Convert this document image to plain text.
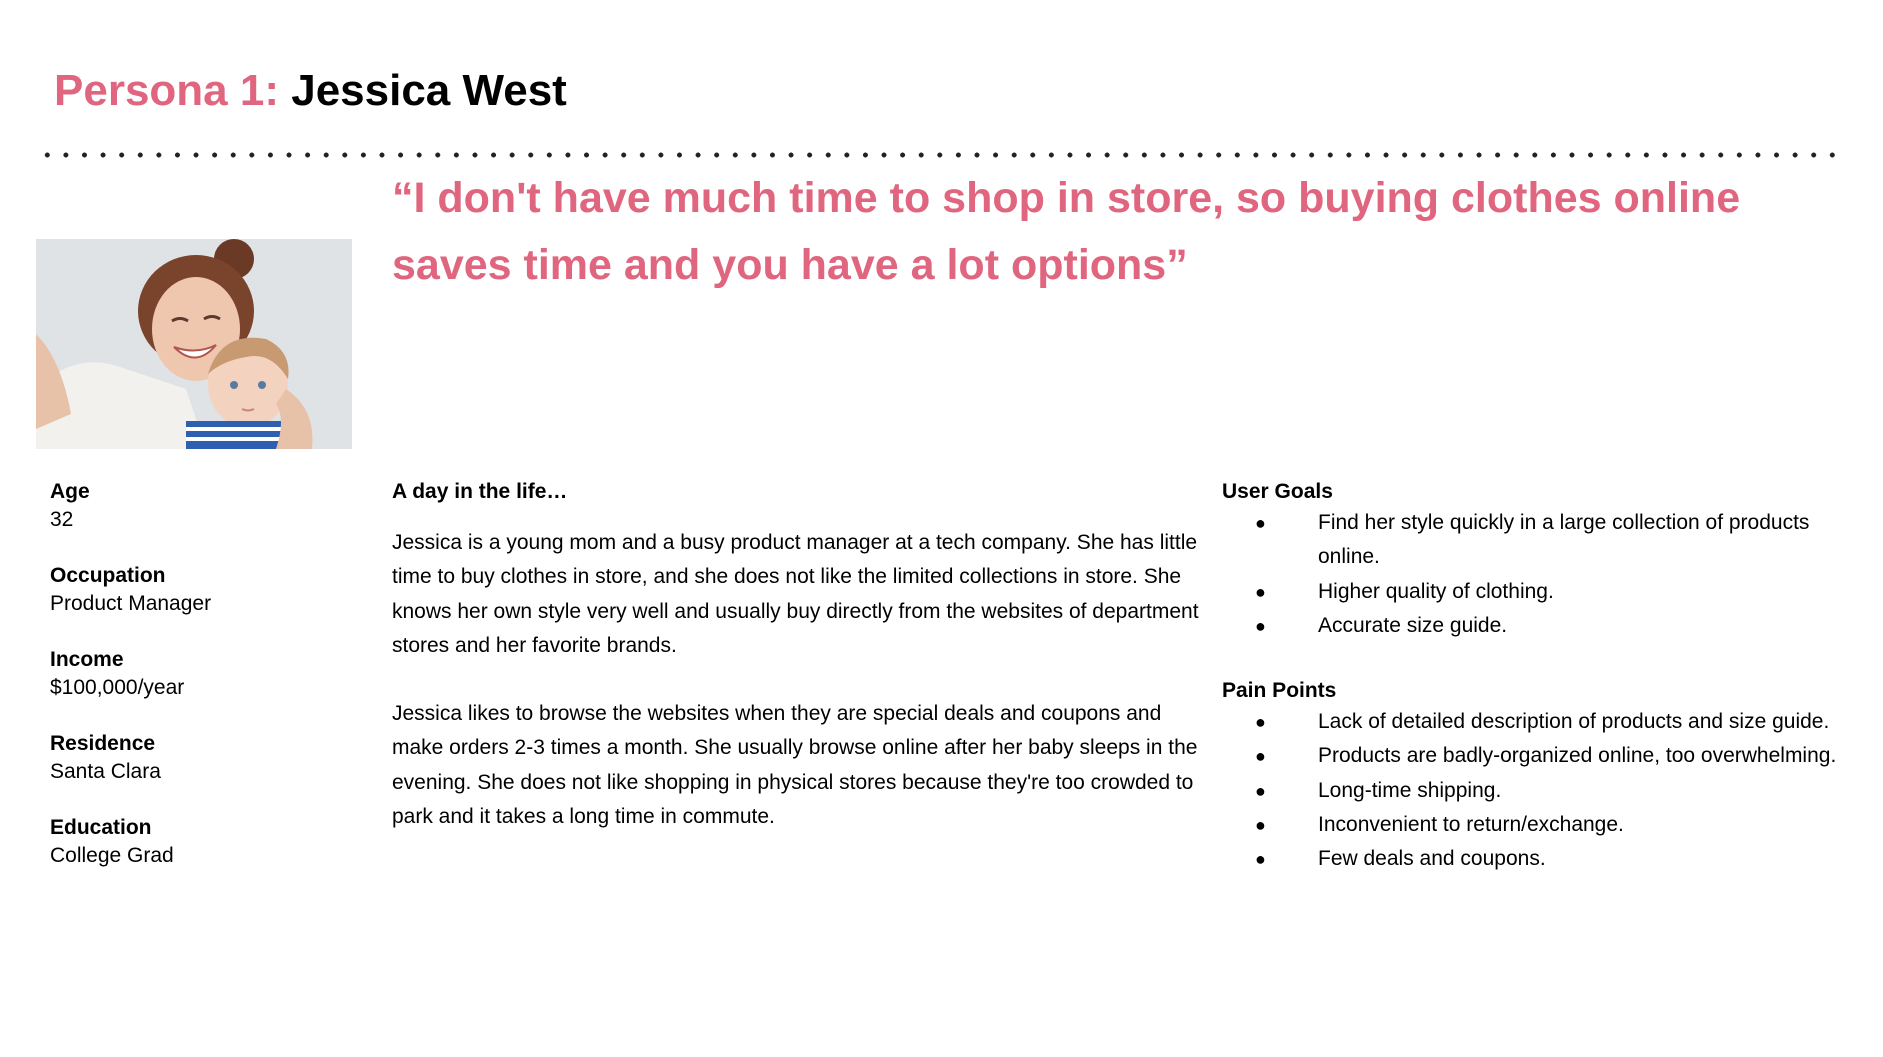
Persona 1: Jessica West
“I don't have much time to shop in store, so buying clothes online saves time and you have a lot options”
Age
32
Occupation
Product Manager
Income
$100,000/year
Residence
Santa Clara
Education
College Grad
A day in the life…

Jessica is a young mom and a busy product manager at a tech company. She has little time to buy clothes in store, and she does not like the limited collections in store. She knows her own style very well and usually buy directly from the websites of department stores and her favorite brands.

Jessica likes to browse the websites when they are special deals and coupons and make orders 2-3 times a month. She usually browse online after her baby sleeps in the evening. She does not like shopping in physical stores because they're too crowded to park and it takes a long time in commute.

User Goals
● Find her style quickly in a large collection of products online.
● Higher quality of clothing.
● Accurate size guide.
Pain Points
● Lack of detailed description of products and size guide.
● Products are badly-organized online, too overwhelming.
● Long-time shipping.
● Inconvenient to return/exchange.
● Few deals and coupons.
